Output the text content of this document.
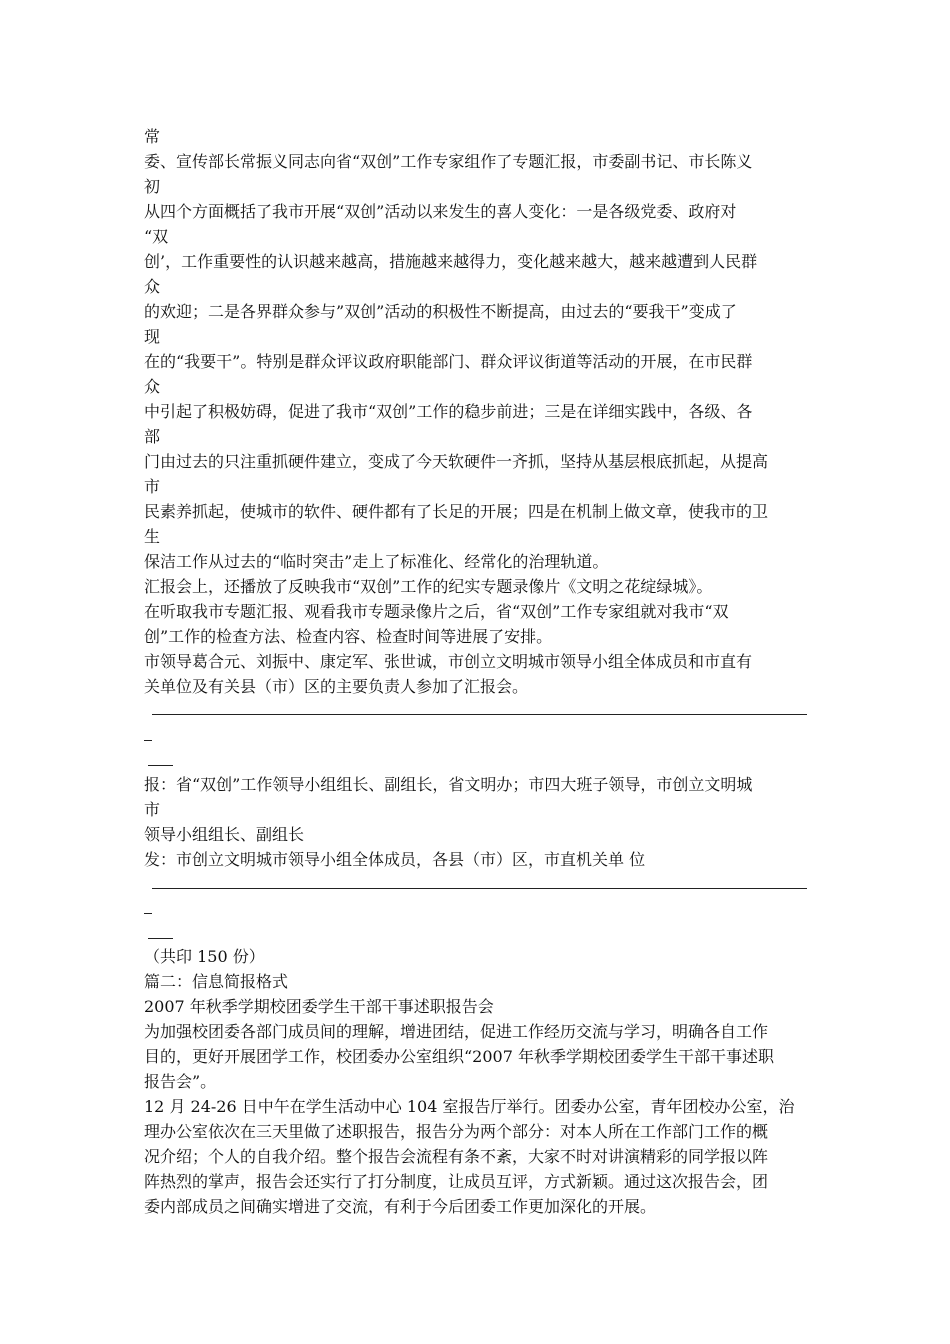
常
委、宣传部长常振义同志向省“双创”工作专家组作了专题汇报，市委副书记、市长陈义
初
从四个方面概括了我市开展“双创”活动以来发生的喜人变化：一是各级党委、政府对
“双
创’，工作重要性的认识越来越高，措施越来越得力，变化越来越大，越来越遭到人民群
众
的欢迎；二是各界群众参与”双创”活动的积极性不断提高，由过去的“要我干”变成了
现
在的“我要干”。特别是群众评议政府职能部门、群众评议街道等活动的开展，在市民群
众
中引起了积极妨碍，促进了我市“双创”工作的稳步前进；三是在详细实践中，各级、各
部
门由过去的只注重抓硬件建立，变成了今天软硬件一齐抓，坚持从基层根底抓起，从提高
市
民素养抓起，使城市的软件、硬件都有了长足的开展；四是在机制上做文章，使我市的卫
生
保洁工作从过去的“临时突击”走上了标准化、经常化的治理轨道。
汇报会上，还播放了反映我市“双创”工作的纪实专题录像片《文明之花绽绿城》。
在听取我市专题汇报、观看我市专题录像片之后，省“双创”工作专家组就对我市“双
创”工作的检查方法、检查内容、检查时间等进展了安排。
市领导葛合元、刘振中、康定军、张世诚，市创立文明城市领导小组全体成员和市直有
关单位及有关县（市）区的主要负责人参加了汇报会。
报：省“双创”工作领导小组组长、副组长，省文明办；市四大班子领导，市创立文明城
市
领导小组组长、副组长
发：市创立文明城市领导小组全体成员，各县（市）区，市直机关单 位
（共印 150 份）
篇二：信息简报格式
2007 年秋季学期校团委学生干部干事述职报告会
为加强校团委各部门成员间的理解，增进团结，促进工作经历交流与学习，明确各自工作
目的，更好开展团学工作，校团委办公室组织“2007 年秋季学期校团委学生干部干事述职
报告会”。
12 月 24-26 日中午在学生活动中心 104 室报告厅举行。团委办公室，青年团校办公室，治
理办公室依次在三天里做了述职报告，报告分为两个部分：对本人所在工作部门工作的概
况介绍；个人的自我介绍。整个报告会流程有条不紊，大家不时对讲演精彩的同学报以阵
阵热烈的掌声，报告会还实行了打分制度，让成员互评，方式新颖。通过这次报告会，团
委内部成员之间确实增进了交流，有利于今后团委工作更加深化的开展。
